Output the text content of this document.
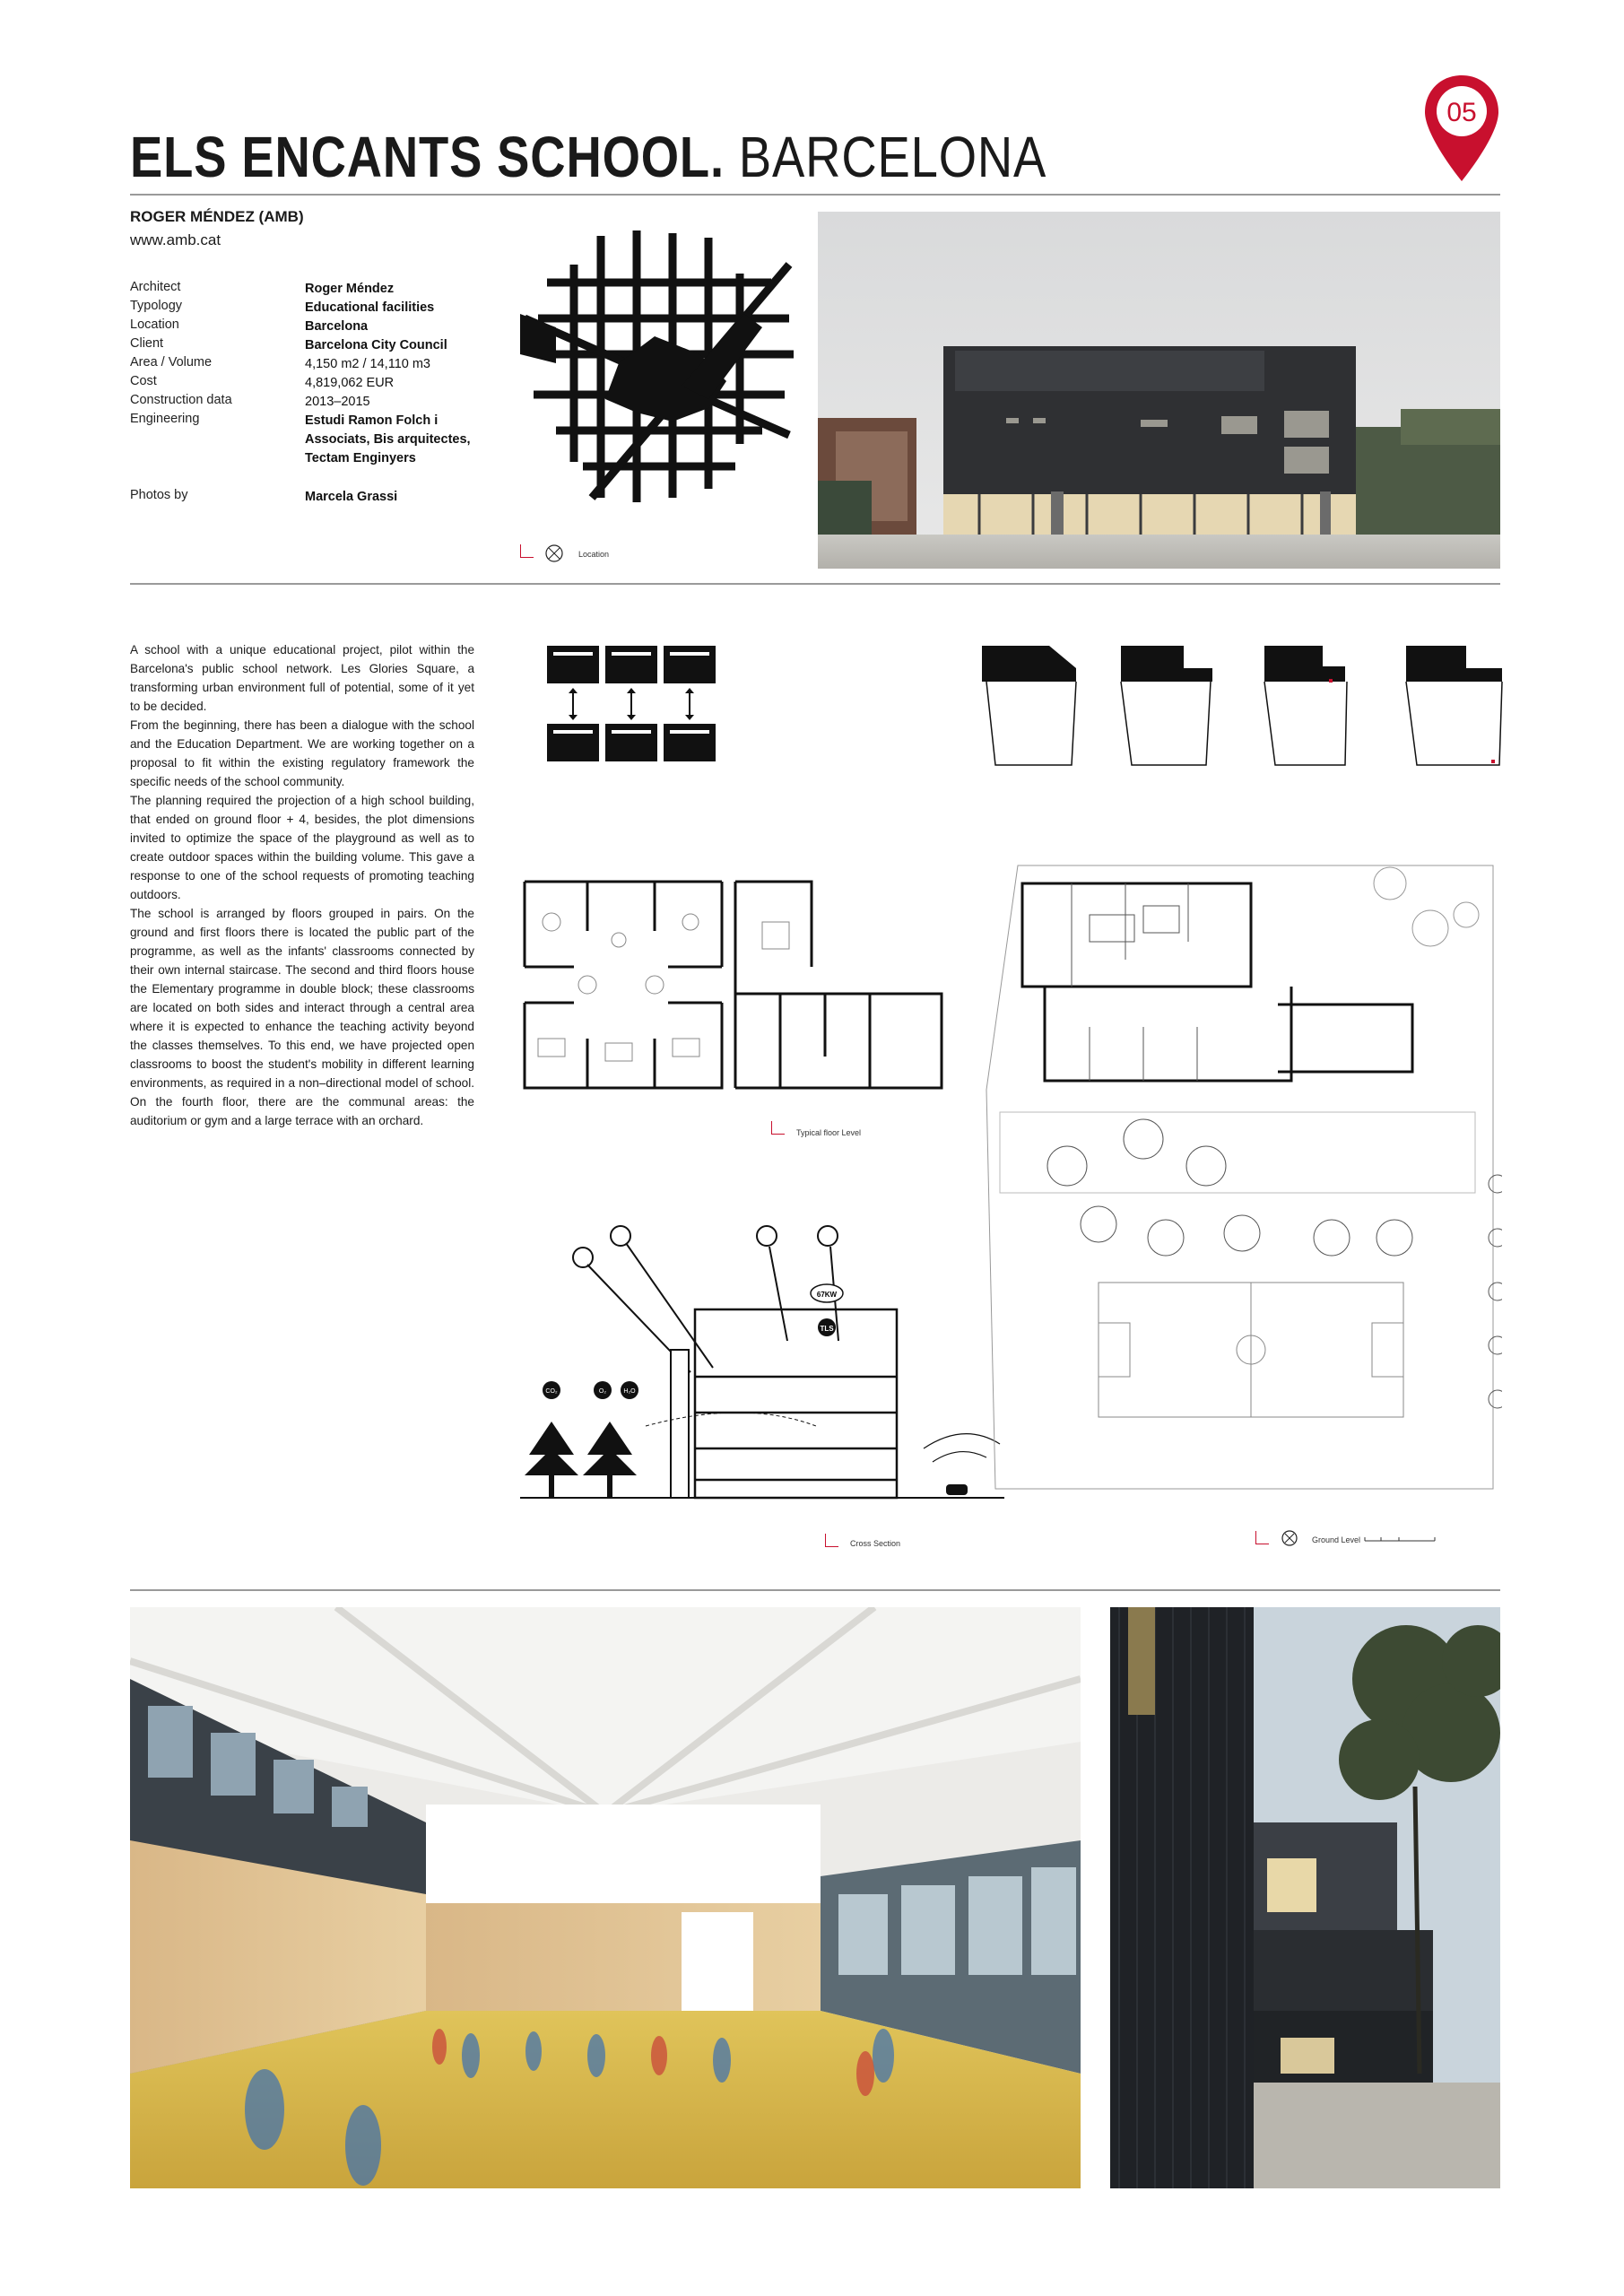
ELS ENCANTS SCHOOL. BARCELONA
05
ROGER MÉNDEZ (AMB)
www.amb.cat
Architect	Roger Méndez
Typology	Educational facilities
Location	Barcelona
Client	Barcelona City Council
Area / Volume	4,150 m2 / 14,110 m3
Cost	4,819,062 EUR
Construction data	2013–2015
Engineering	Estudi Ramon Folch i
Associats, Bis arquitectes,
Tectam Enginyers
Photos by	Marcela Grassi
Location

A school with a unique educational project, pilot within the Barcelona's public school network. Les Glories Square, a transforming urban environment full of potential, some of it yet to be decided.

From the beginning, there has been a dialogue with the school and the Education Department. We are working together on a proposal to fit within the existing regulatory framework the specific needs of the school community.

The planning required the projection of a high school building, that ended on ground floor + 4, besides, the plot dimensions invited to optimize the space of the playground as well as to create outdoor spaces within the building volume. This gave a response to one of the school requests of promoting teaching outdoors.

The school is arranged by floors grouped in pairs. On the ground and first floors there is located the public part of the programme, as well as the infants' classrooms connected by their own internal staircase. The second and third floors house the Elementary programme in double block; these classrooms are located on both sides and interact through a central area where it is expected to enhance the teaching activity beyond the classes themselves. To this end, we have projected open classrooms to boost the student's mobility in different learning environments, as required in a non–directional model of school. On the fourth floor, there are the communal areas: the auditorium or gym and a large terrace with an orchard.

Typical floor Level
67KW
TLS
CO₂	O₂	H₂O
Cross Section	Ground Level
